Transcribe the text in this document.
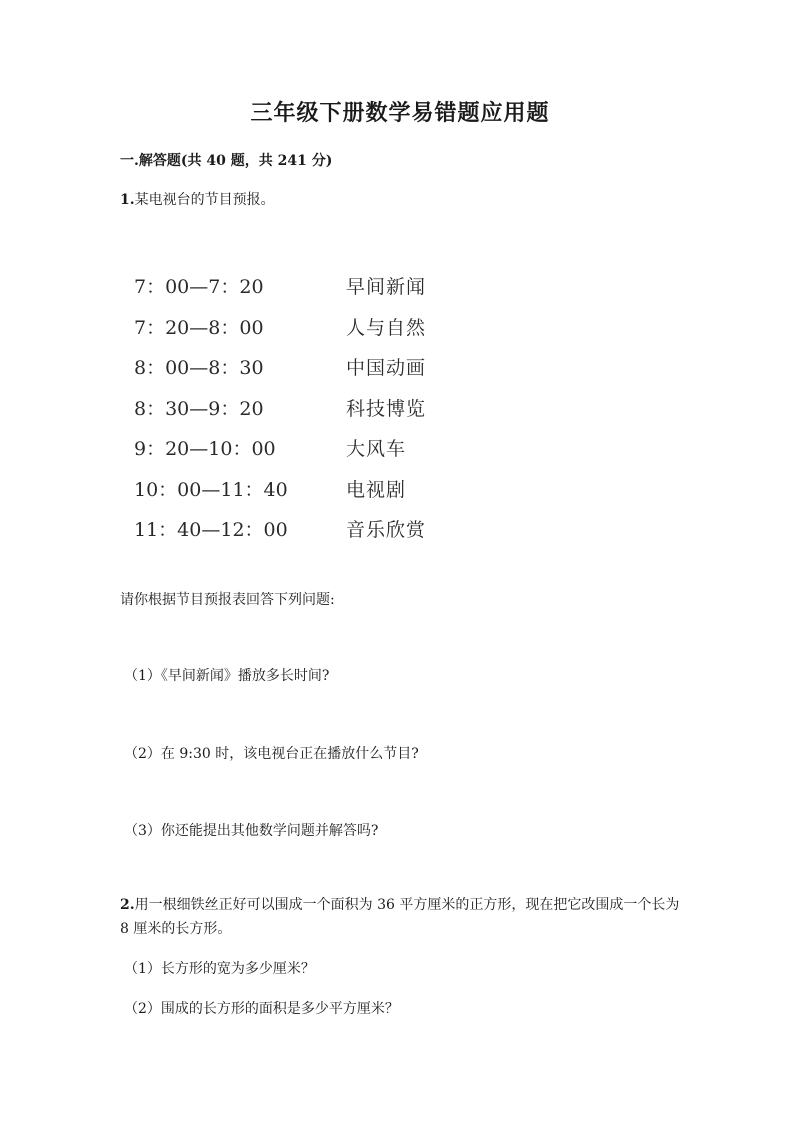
三年级下册数学易错题应用题
一.解答题(共 40 题，共 241 分)
1.某电视台的节目预报。
7：00—7：20	早间新闻
7：20—8：00	人与自然
8：00—8：30	中国动画
8：30—9：20	科技博览
9：20—10：00	大风车
10：00—11：40	电视剧
11：40—12：00	音乐欣赏
请你根据节目预报表回答下列问题:
（1）《早间新闻》播放多长时间?
（2）在 9:30 时，该电视台正在播放什么节目?
（3）你还能提出其他数学问题并解答吗?
2.用一根细铁丝正好可以围成一个面积为 36 平方厘米的正方形，现在把它改围成一个长为 8 厘米的长方形。
（1）长方形的宽为多少厘米？
（2）围成的长方形的面积是多少平方厘米？
